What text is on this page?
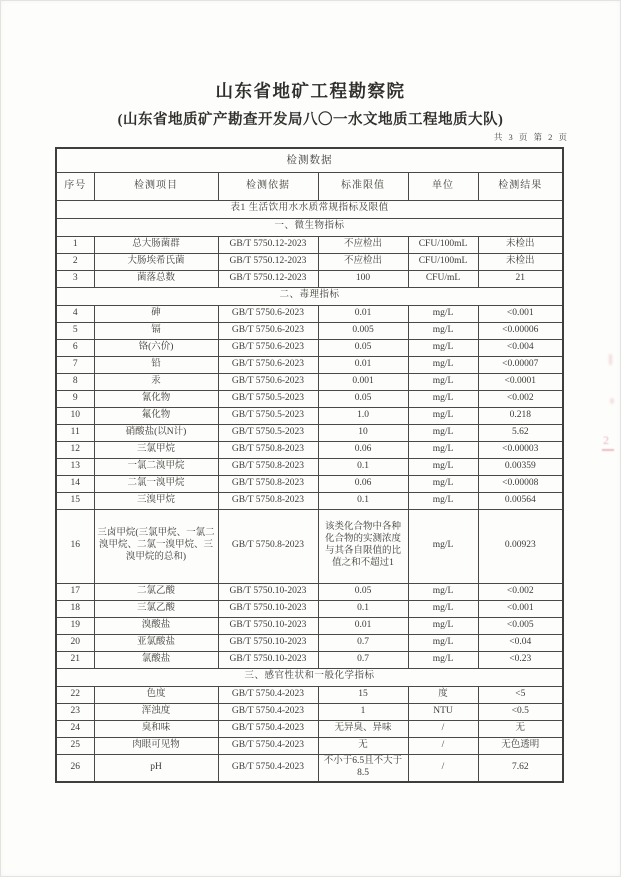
山东省地矿工程勘察院
(山东省地质矿产勘查开发局八〇一水文地质工程地质大队)
共 3 页 第 2 页
检测数据					
序号	检测项目	检测依据	标准限值	单位	检测结果
表1 生活饮用水水质常规指标及限值					
一、微生物指标					
1	总大肠菌群	GB/T 5750.12-2023	不应检出	CFU/100mL	未检出
2	大肠埃希氏菌	GB/T 5750.12-2023	不应检出	CFU/100mL	未检出
3	菌落总数	GB/T 5750.12-2023	100	CFU/mL	21
二、毒理指标					
4	砷	GB/T 5750.6-2023	0.01	mg/L	<0.001
5	镉	GB/T 5750.6-2023	0.005	mg/L	<0.00006
6	铬(六价)	GB/T 5750.6-2023	0.05	mg/L	<0.004
7	铅	GB/T 5750.6-2023	0.01	mg/L	<0.00007
8	汞	GB/T 5750.6-2023	0.001	mg/L	<0.0001
9	氰化物	GB/T 5750.5-2023	0.05	mg/L	<0.002
10	氟化物	GB/T 5750.5-2023	1.0	mg/L	0.218
11	硝酸盐(以N计)	GB/T 5750.5-2023	10	mg/L	5.62
12	三氯甲烷	GB/T 5750.8-2023	0.06	mg/L	<0.00003
13	一氯二溴甲烷	GB/T 5750.8-2023	0.1	mg/L	0.00359
14	二氯一溴甲烷	GB/T 5750.8-2023	0.06	mg/L	<0.00008
15	三溴甲烷	GB/T 5750.8-2023	0.1	mg/L	0.00564
16	三卤甲烷(三氯甲烷、一氯二溴甲烷、二氯一溴甲烷、三溴甲烷的总和)	GB/T 5750.8-2023	该类化合物中各种化合物的实测浓度与其各自限值的比值之和不超过1	mg/L	0.00923
17	二氯乙酸	GB/T 5750.10-2023	0.05	mg/L	<0.002
18	三氯乙酸	GB/T 5750.10-2023	0.1	mg/L	<0.001
19	溴酸盐	GB/T 5750.10-2023	0.01	mg/L	<0.005
20	亚氯酸盐	GB/T 5750.10-2023	0.7	mg/L	<0.04
21	氯酸盐	GB/T 5750.10-2023	0.7	mg/L	<0.23
三、感官性状和一般化学指标					
22	色度	GB/T 5750.4-2023	15	度	<5
23	浑浊度	GB/T 5750.4-2023	1	NTU	<0.5
24	臭和味	GB/T 5750.4-2023	无异臭、异味	/	无
25	肉眼可见物	GB/T 5750.4-2023	无	/	无色透明
26	pH	GB/T 5750.4-2023	不小于6.5且不大于8.5	/	7.62
2
